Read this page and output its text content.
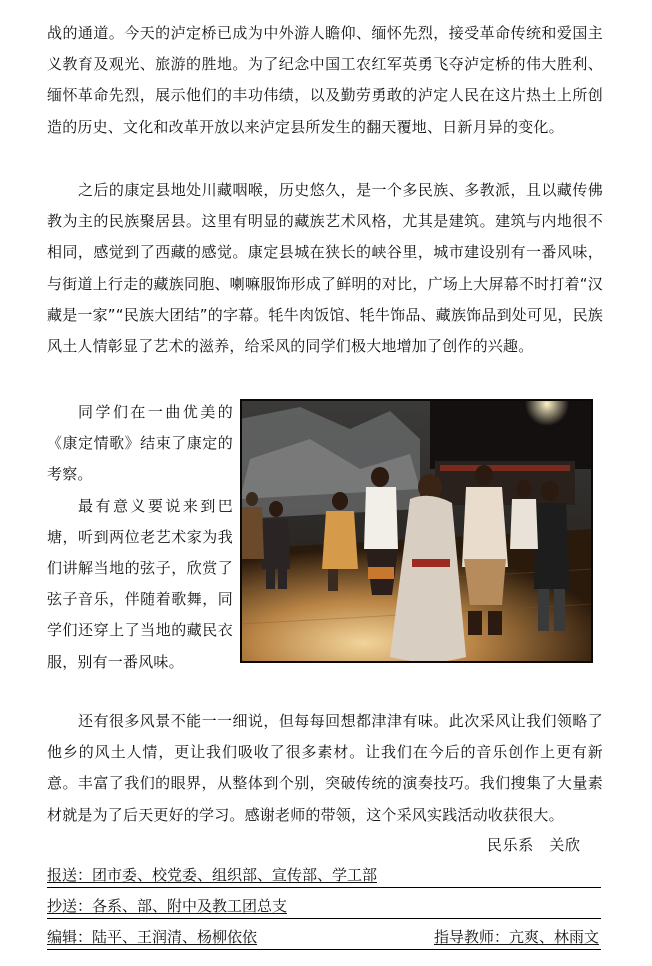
战的通道。今天的泸定桥已成为中外游人瞻仰、缅怀先烈，接受革命传统和爱国主义教育及观光、旅游的胜地。为了纪念中国工农红军英勇飞夺泸定桥的伟大胜利、缅怀革命先烈，展示他们的丰功伟绩，以及勤劳勇敢的泸定人民在这片热土上所创造的历史、文化和改革开放以来泸定县所发生的翻天覆地、日新月异的变化。

之后的康定县地处川藏咽喉，历史悠久，是一个多民族、多教派，且以藏传佛教为主的民族聚居县。这里有明显的藏族艺术风格，尤其是建筑。建筑与内地很不相同，感觉到了西藏的感觉。康定县城在狭长的峡谷里，城市建设别有一番风味，与街道上行走的藏族同胞、喇嘛服饰形成了鲜明的对比，广场上大屏幕不时打着“汉藏是一家”“民族大团结”的字幕。牦牛肉饭馆、牦牛饰品、藏族饰品到处可见，民族风土人情彰显了艺术的滋养，给采风的同学们极大地增加了创作的兴趣。

同学们在一曲优美的《康定情歌》结束了康定的考察。

最有意义要说来到巴塘，听到两位老艺术家为我们讲解当地的弦子，欣赏了弦子音乐，伴随着歌舞，同学们还穿上了当地的藏民衣服，别有一番风味。

还有很多风景不能一一细说，但每每回想都津津有味。此次采风让我们领略了他乡的风土人情，更让我们吸收了很多素材。让我们在今后的音乐创作上更有新意。丰富了我们的眼界，从整体到个别，突破传统的演奏技巧。我们搜集了大量素材就是为了后天更好的学习。感谢老师的带领，这个采风实践活动收获很大。

民乐系　关欣
报送：团市委、校党委、组织部、宣传部、学工部
抄送：各系、部、附中及教工团总支
编辑：陆平、王润清、杨柳依依	指导教师：亢爽、林雨文
